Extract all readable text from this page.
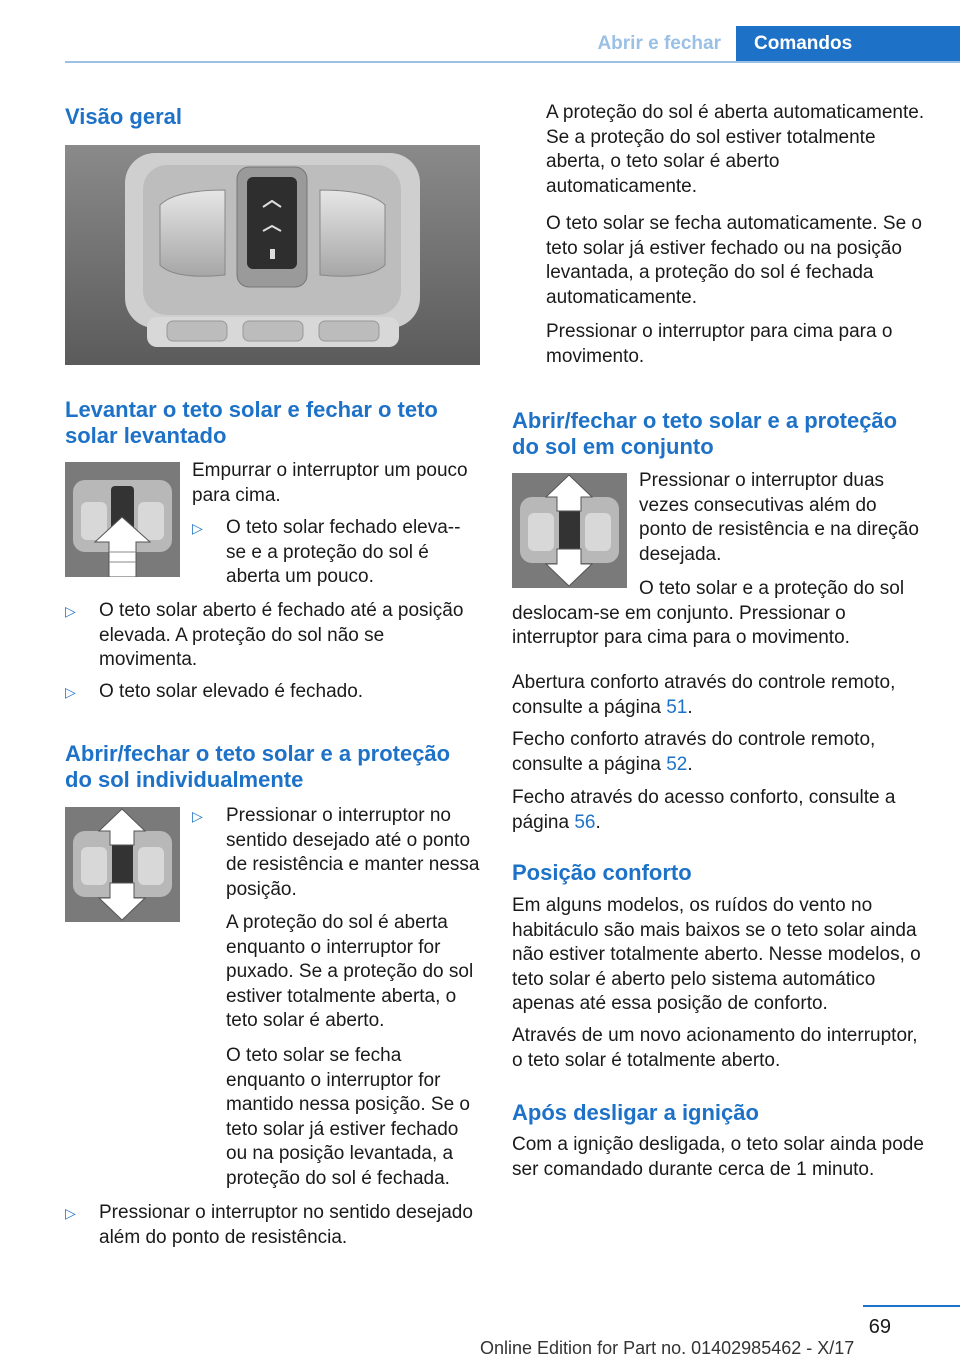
Abrir e fechar	Comandos
Visão geral
Levantar o teto solar e fechar o teto solar levantado
Empurrar o interruptor um pouco para cima.
▷ O teto solar fechado eleva--se e a proteção do sol é aberta um pouco.
▷ O teto solar aberto é fechado até a posição elevada. A proteção do sol não se movimenta.
▷ O teto solar elevado é fechado.
Abrir/fechar o teto solar e a proteção do sol individualmente
▷ Pressionar o interruptor no sentido desejado até o ponto de resistência e manter nessa posição.
A proteção do sol é aberta enquanto o interruptor for puxado. Se a proteção do sol estiver totalmente aberta, o teto solar é aberto.
O teto solar se fecha enquanto o interruptor for mantido nessa posição. Se o teto solar já estiver fechado ou na posição levantada, a proteção do sol é fechada.
▷ Pressionar o interruptor no sentido desejado além do ponto de resistência.
A proteção do sol é aberta automaticamente. Se a proteção do sol estiver totalmente aberta, o teto solar é aberto automaticamente.
O teto solar se fecha automaticamente. Se o teto solar já estiver fechado ou na posição levantada, a proteção do sol é fechada automaticamente.
Pressionar o interruptor para cima para o movimento.
Abrir/fechar o teto solar e a proteção do sol em conjunto
Pressionar o interruptor duas vezes consecutivas além do ponto de resistência e na direção desejada.
O teto solar e a proteção do sol deslocam-se em conjunto. Pressionar o interruptor para cima para o movimento.
Abertura conforto através do controle remoto, consulte a página 51.
Fecho conforto através do controle remoto, consulte a página 52.
Fecho através do acesso conforto, consulte a página 56.
Posição conforto
Em alguns modelos, os ruídos do vento no habitáculo são mais baixos se o teto solar ainda não estiver totalmente aberto. Nesse modelos, o teto solar é aberto pelo sistema automático apenas até essa posição de conforto.
Através de um novo acionamento do interruptor, o teto solar é totalmente aberto.
Após desligar a ignição
Com a ignição desligada, o teto solar ainda pode ser comandado durante cerca de 1 minuto.
69
Online Edition for Part no. 01402985462 - X/17
